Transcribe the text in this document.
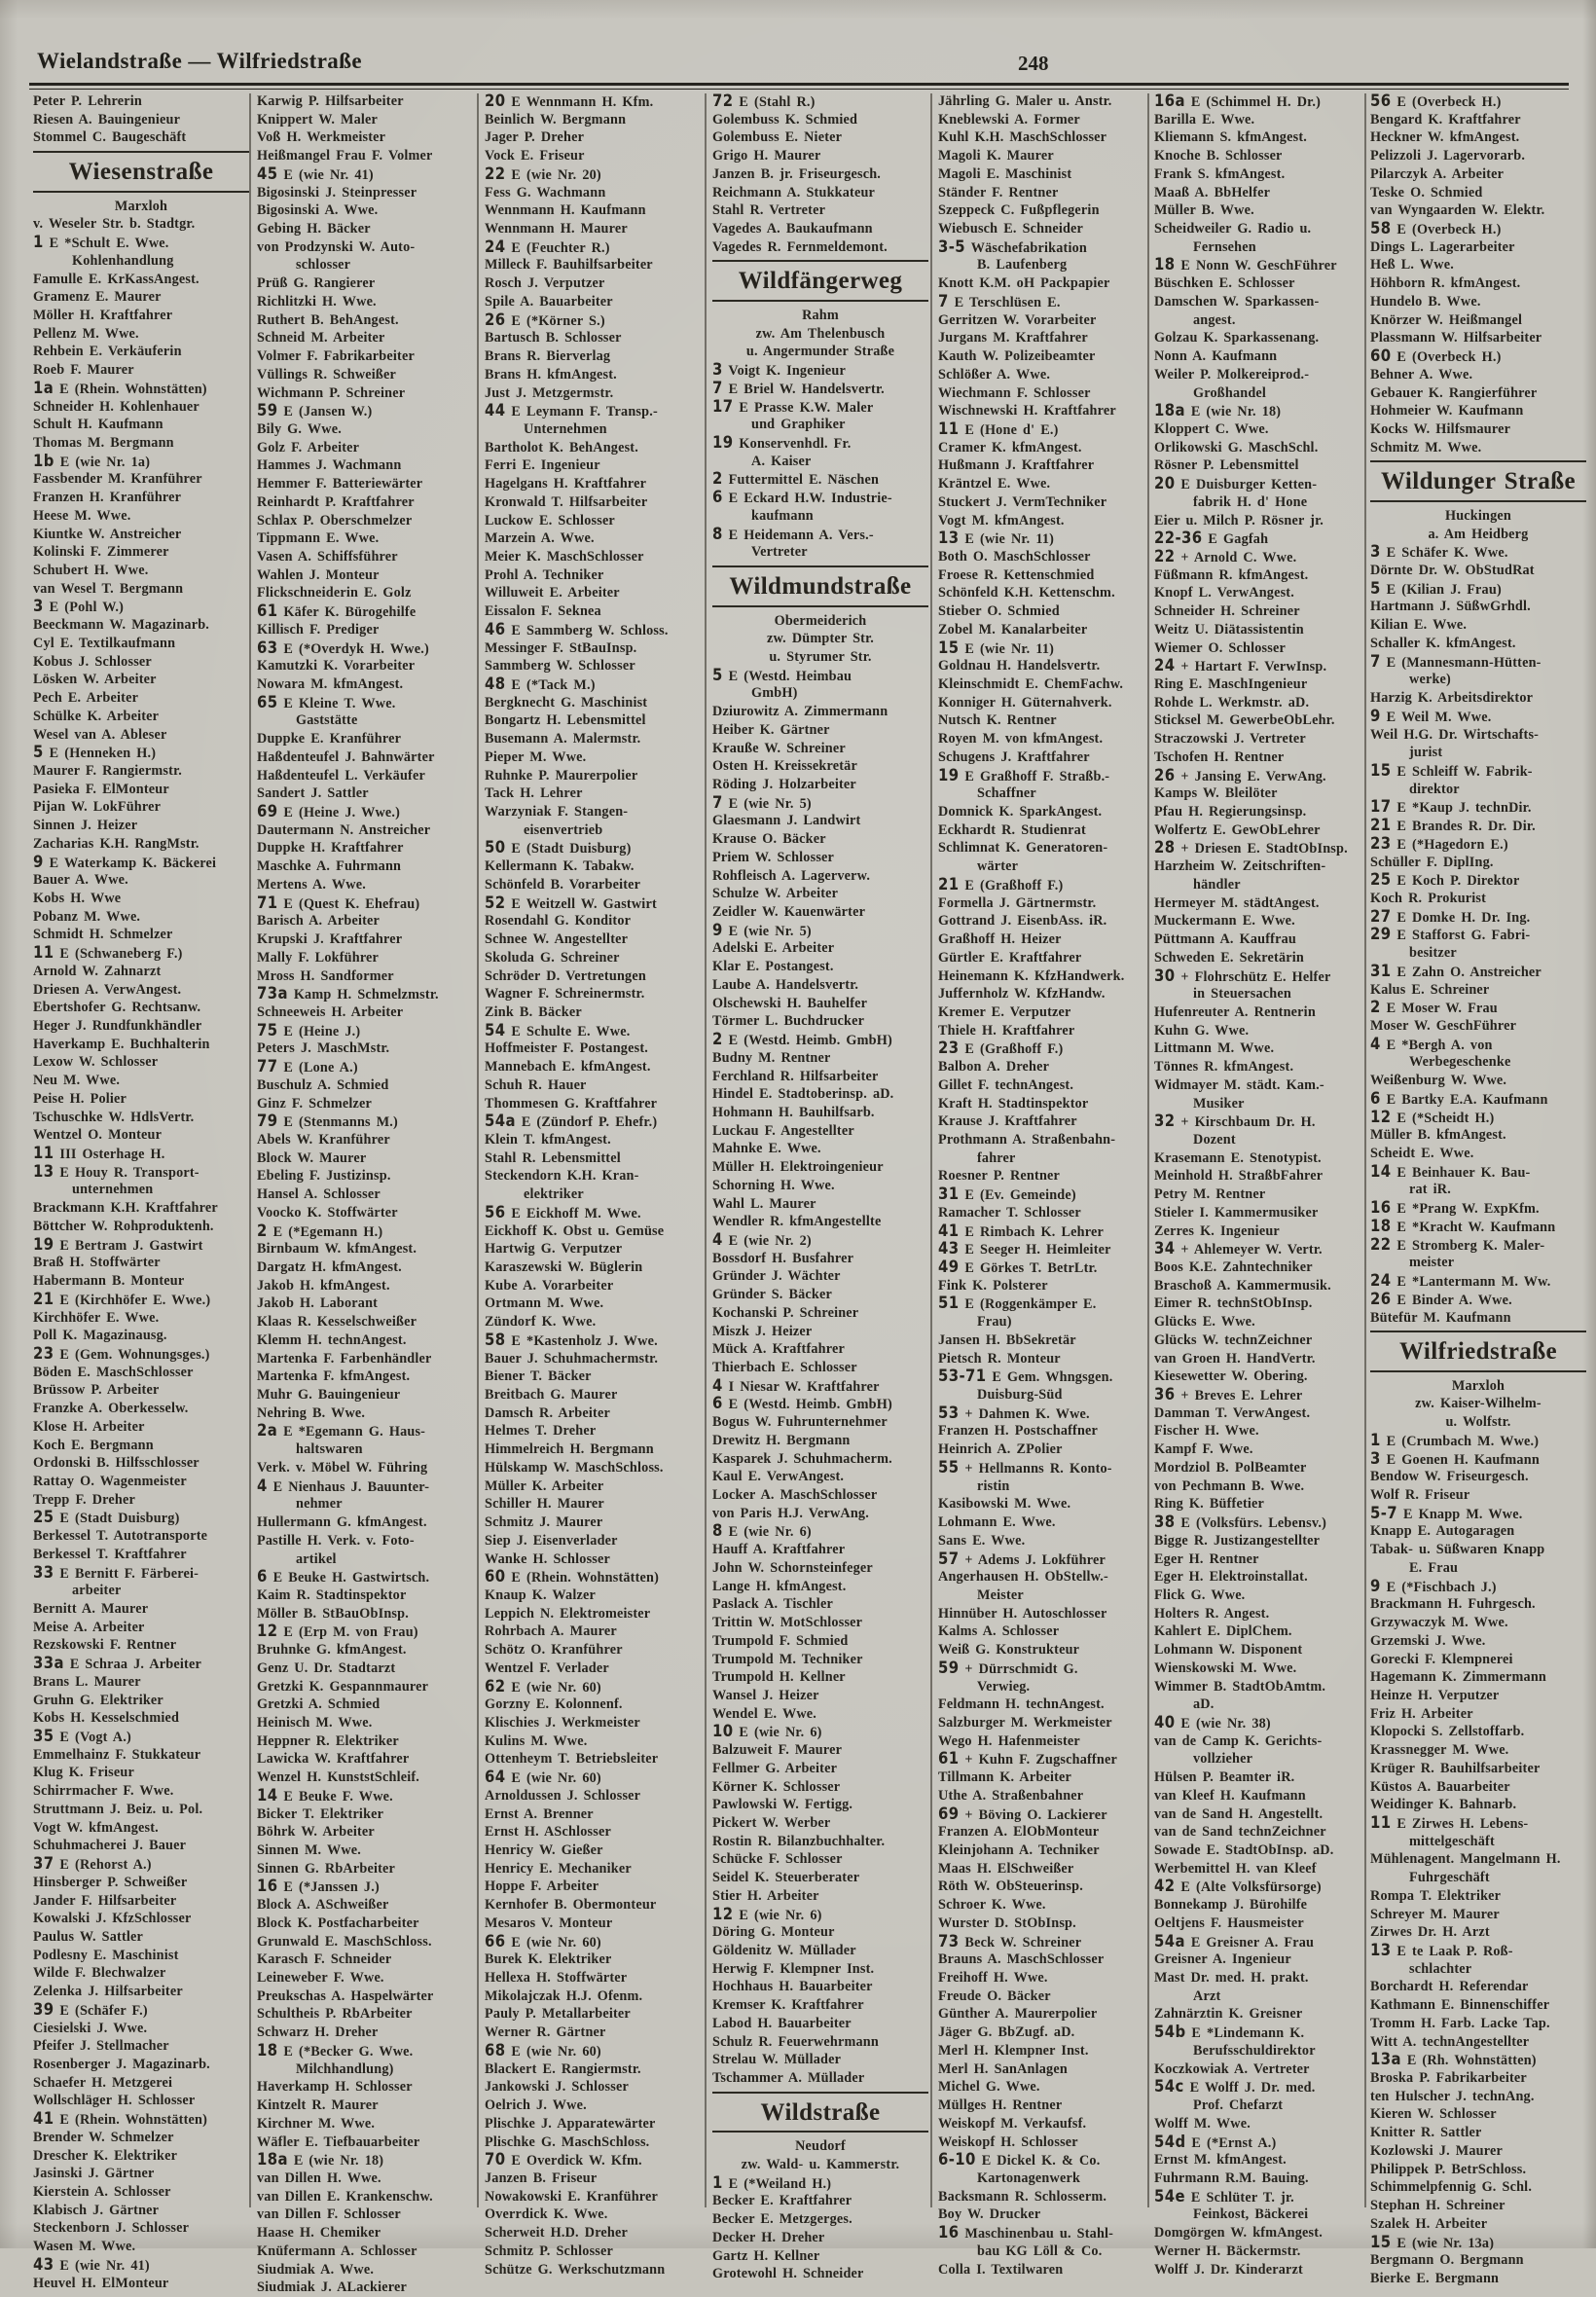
Wielandstraße — Wilfriedstraße	248
Peter P. Lehrerin
Riesen A. Bauingenieur
Stommel C. Baugeschäft
Wiesenstraße
Marxloh
v. Weseler Str. b. Stadtgr.
1 E *Schult E. Wwe.
Kohlenhandlung
Famulle E. KrKassAngest.
Gramenz E. Maurer
Möller H. Kraftfahrer
Pellenz M. Wwe.
Rehbein E. Verkäuferin
Roeb F. Maurer
1a E (Rhein. Wohnstätten)
Schneider H. Kohlenhauer
Schult H. Kaufmann
Thomas M. Bergmann
1b E (wie Nr. 1a)
Fassbender M. Kranführer
Franzen H. Kranführer
Heese M. Wwe.
Kiuntke W. Anstreicher
Kolinski F. Zimmerer
Schubert H. Wwe.
van Wesel T. Bergmann
3 E (Pohl W.)
Beeckmann W. Magazinarb.
Cyl E. Textilkaufmann
Kobus J. Schlosser
Lösken W. Arbeiter
Pech E. Arbeiter
Schülke K. Arbeiter
Wesel van A. Ableser
5 E (Henneken H.)
Maurer F. Rangiermstr.
Pasieka F. ElMonteur
Pijan W. LokFührer
Sinnen J. Heizer
Zacharias K.H. RangMstr.
9 E Waterkamp K. Bäckerei
Bauer A. Wwe.
Kobs H. Wwe
Pobanz M. Wwe.
Schmidt H. Schmelzer
11 E (Schwaneberg F.)
Arnold W. Zahnarzt
Driesen A. VerwAngest.
Ebertshofer G. Rechtsanw.
Heger J. Rundfunkhändler
Haverkamp E. Buchhalterin
Lexow W. Schlosser
Neu M. Wwe.
Peise H. Polier
Tschuschke W. HdlsVertr.
Wentzel O. Monteur
11 III Osterhage H.
13 E Houy R. Transport-
unternehmen
Brackmann K.H. Kraftfahrer
Böttcher W. Rohproduktenh.
19 E Bertram J. Gastwirt
Braß H. Stoffwärter
Habermann B. Monteur
21 E (Kirchhöfer E. Wwe.)
Kirchhöfer E. Wwe.
Poll K. Magazinausg.
23 E (Gem. Wohnungsges.)
Böden E. MaschSchlosser
Brüssow P. Arbeiter
Franzke A. Oberkesselw.
Klose H. Arbeiter
Koch E. Bergmann
Ordonski B. Hilfsschlosser
Rattay O. Wagenmeister
Trepp F. Dreher
25 E (Stadt Duisburg)
Berkessel T. Autotransporte
Berkessel T. Kraftfahrer
33 E Bernitt F. Färberei-
arbeiter
Bernitt A. Maurer
Meise A. Arbeiter
Rezskowski F. Rentner
33a E Schraa J. Arbeiter
Brans L. Maurer
Gruhn G. Elektriker
Kobs H. Kesselschmied
35 E (Vogt A.)
Emmelhainz F. Stukkateur
Klug K. Friseur
Schirrmacher F. Wwe.
Struttmann J. Beiz. u. Pol.
Vogt W. kfmAngest.
Schuhmacherei J. Bauer
37 E (Rehorst A.)
Hinsberger P. Schweißer
Jander F. Hilfsarbeiter
Kowalski J. KfzSchlosser
Paulus W. Sattler
Podlesny E. Maschinist
Wilde F. Blechwalzer
Zelenka J. Hilfsarbeiter
39 E (Schäfer F.)
Ciesielski J. Wwe.
Pfeifer J. Stellmacher
Rosenberger J. Magazinarb.
Schaefer H. Metzgerei
Wollschläger H. Schlosser
41 E (Rhein. Wohnstätten)
Brender W. Schmelzer
Drescher K. Elektriker
Jasinski J. Gärtner
Kierstein A. Schlosser
Klabisch J. Gärtner
Steckenborn J. Schlosser
Wasen M. Wwe.
43 E (wie Nr. 41)
Heuvel H. ElMonteur
Karwig P. Hilfsarbeiter
Knippert W. Maler
Voß H. Werkmeister
Heißmangel Frau F. Volmer
45 E (wie Nr. 41)
Bigosinski J. Steinpresser
Bigosinski A. Wwe.
Gebing H. Bäcker
von Prodzynski W. Auto-
schlosser
Prüß G. Rangierer
Richlitzki H. Wwe.
Ruthert B. BehAngest.
Schneid M. Arbeiter
Volmer F. Fabrikarbeiter
Vüllings R. Schweißer
Wichmann P. Schreiner
59 E (Jansen W.)
Bily G. Wwe.
Golz F. Arbeiter
Hammes J. Wachmann
Hemmer F. Batteriewärter
Reinhardt P. Kraftfahrer
Schlax P. Oberschmelzer
Tippmann E. Wwe.
Vasen A. Schiffsführer
Wahlen J. Monteur
Flickschneiderin E. Golz
61 Käfer K. Bürogehilfe
Killisch F. Prediger
63 E (*Overdyk H. Wwe.)
Kamutzki K. Vorarbeiter
Nowara M. kfmAngest.
65 E Kleine T. Wwe.
Gaststätte
Duppke E. Kranführer
Haßdenteufel J. Bahnwärter
Haßdenteufel L. Verkäufer
Sandert J. Sattler
69 E (Heine J. Wwe.)
Dautermann N. Anstreicher
Duppke H. Kraftfahrer
Maschke A. Fuhrmann
Mertens A. Wwe.
71 E (Quest K. Ehefrau)
Barisch A. Arbeiter
Krupski J. Kraftfahrer
Mally F. Lokführer
Mross H. Sandformer
73a Kamp H. Schmelzmstr.
Schneeweis H. Arbeiter
75 E (Heine J.)
Peters J. MaschMstr.
77 E (Lone A.)
Buschulz A. Schmied
Ginz F. Schmelzer
79 E (Stenmanns M.)
Abels W. Kranführer
Block W. Maurer
Ebeling F. Justizinsp.
Hansel A. Schlosser
Voocko K. Stoffwärter
2 E (*Egemann H.)
Birnbaum W. kfmAngest.
Dargatz H. kfmAngest.
Jakob H. kfmAngest.
Jakob H. Laborant
Klaas R. Kesselschweißer
Klemm H. technAngest.
Martenka F. Farbenhändler
Martenka F. kfmAngest.
Muhr G. Bauingenieur
Nehring B. Wwe.
2a E *Egemann G. Haus-
haltswaren
Verk. v. Möbel W. Führing
4 E Nienhaus J. Bauunter-
nehmer
Hullermann G. kfmAngest.
Pastille H. Verk. v. Foto-
artikel
6 E Beuke H. Gastwirtsch.
Kaim R. Stadtinspektor
Möller B. StBauObInsp.
12 E (Erp M. von Frau)
Bruhnke G. kfmAngest.
Genz U. Dr. Stadtarzt
Gretzki K. Gespannmaurer
Gretzki A. Schmied
Heinisch M. Wwe.
Heppner R. Elektriker
Lawicka W. Kraftfahrer
Wenzel H. KunststSchleif.
14 E Beuke F. Wwe.
Bicker T. Elektriker
Böhrk W. Arbeiter
Sinnen M. Wwe.
Sinnen G. RbArbeiter
16 E (*Janssen J.)
Block A. ASchweißer
Block K. Postfacharbeiter
Grunwald E. MaschSchloss.
Karasch F. Schneider
Leineweber F. Wwe.
Preukschas A. Haspelwärter
Schultheis P. RbArbeiter
Schwarz H. Dreher
18 E (*Becker G. Wwe.
Milchhandlung)
Haverkamp H. Schlosser
Kintzelt R. Maurer
Kirchner M. Wwe.
Wäfler E. Tiefbauarbeiter
18a E (wie Nr. 18)
van Dillen H. Wwe.
van Dillen E. Krankenschw.
van Dillen F. Schlosser
Haase H. Chemiker
Knüfermann A. Schlosser
Siudmiak A. Wwe.
Siudmiak J. ALackierer
20 E Wennmann H. Kfm.
Beinlich W. Bergmann
Jager P. Dreher
Vock E. Friseur
22 E (wie Nr. 20)
Fess G. Wachmann
Wennmann H. Kaufmann
Wennmann H. Maurer
24 E (Feuchter R.)
Milleck F. Bauhilfsarbeiter
Rosch J. Verputzer
Spile A. Bauarbeiter
26 E (*Körner S.)
Bartusch B. Schlosser
Brans R. Bierverlag
Brans H. kfmAngest.
Just J. Metzgermstr.
44 E Leymann F. Transp.-
Unternehmen
Bartholot K. BehAngest.
Ferri E. Ingenieur
Hagelgans H. Kraftfahrer
Kronwald T. Hilfsarbeiter
Luckow E. Schlosser
Marzein A. Wwe.
Meier K. MaschSchlosser
Prohl A. Techniker
Willuweit E. Arbeiter
Eissalon F. Seknea
46 E Sammberg W. Schloss.
Messinger F. StBauInsp.
Sammberg W. Schlosser
48 E (*Tack M.)
Bergknecht G. Maschinist
Bongartz H. Lebensmittel
Busemann A. Malermstr.
Pieper M. Wwe.
Ruhnke P. Maurerpolier
Tack H. Lehrer
Warzyniak F. Stangen-
eisenvertrieb
50 E (Stadt Duisburg)
Kellermann K. Tabakw.
Schönfeld B. Vorarbeiter
52 E Weitzell W. Gastwirt
Rosendahl G. Konditor
Schnee W. Angestellter
Skoluda G. Schreiner
Schröder D. Vertretungen
Wagner F. Schreinermstr.
Zink B. Bäcker
54 E Schulte E. Wwe.
Hoffmeister F. Postangest.
Mannebach E. kfmAngest.
Schuh R. Hauer
Thommesen G. Kraftfahrer
54a E (Zündorf P. Ehefr.)
Klein T. kfmAngest.
Stahl R. Lebensmittel
Steckendorn K.H. Kran-
elektriker
56 E Eickhoff M. Wwe.
Eickhoff K. Obst u. Gemüse
Hartwig G. Verputzer
Karaszewski W. Büglerin
Kube A. Vorarbeiter
Ortmann M. Wwe.
Zündorf K. Wwe.
58 E *Kastenholz J. Wwe.
Bauer J. Schuhmachermstr.
Biener T. Bäcker
Breitbach G. Maurer
Damsch R. Arbeiter
Helmes T. Dreher
Himmelreich H. Bergmann
Hülskamp W. MaschSchloss.
Müller K. Arbeiter
Schiller H. Maurer
Schmitz J. Maurer
Siep J. Eisenverlader
Wanke H. Schlosser
60 E (Rhein. Wohnstätten)
Knaup K. Walzer
Leppich N. Elektromeister
Rohrbach A. Maurer
Schötz O. Kranführer
Wentzel F. Verlader
62 E (wie Nr. 60)
Gorzny E. Kolonnenf.
Klischies J. Werkmeister
Kulins M. Wwe.
Ottenheym T. Betriebsleiter
64 E (wie Nr. 60)
Arnoldussen J. Schlosser
Ernst A. Brenner
Ernst H. ASchlosser
Henricy W. Gießer
Henricy E. Mechaniker
Hoppe F. Arbeiter
Kernhofer B. Obermonteur
Mesaros V. Monteur
66 E (wie Nr. 60)
Burek K. Elektriker
Hellexa H. Stoffwärter
Mikolajczak H.J. Ofenm.
Pauly P. Metallarbeiter
Werner R. Gärtner
68 E (wie Nr. 60)
Blackert E. Rangiermstr.
Jankowski J. Schlosser
Oelrich J. Wwe.
Plischke J. Apparatewärter
Plischke G. MaschSchloss.
70 E Overdick W. Kfm.
Janzen B. Friseur
Nowakowski E. Kranführer
Overrdick K. Wwe.
Scherweit H.D. Dreher
Schmitz P. Schlosser
Schütze G. Werkschutzmann
72 E (Stahl R.)
Golembuss K. Schmied
Golembuss E. Nieter
Grigo H. Maurer
Janzen B. jr. Friseurgesch.
Reichmann A. Stukkateur
Stahl R. Vertreter
Vagedes A. Baukaufmann
Vagedes R. Fernmeldemont.
Wildfängerweg
Rahm
zw. Am Thelenbusch
u. Angermunder Straße
3 Voigt K. Ingenieur
7 E Briel W. Handelsvertr.
17 E Prasse K.W. Maler
und Graphiker
19 Konservenhdl. Fr.
A. Kaiser
2 Futtermittel E. Näschen
6 E Eckard H.W. Industrie-
kaufmann
8 E Heidemann A. Vers.-
Vertreter
Wildmundstraße
Obermeiderich
zw. Dümpter Str.
u. Styrumer Str.
5 E (Westd. Heimbau
GmbH)
Dziurowitz A. Zimmermann
Heiber K. Gärtner
Krauße W. Schreiner
Osten H. Kreissekretär
Röding J. Holzarbeiter
7 E (wie Nr. 5)
Glaesmann J. Landwirt
Krause O. Bäcker
Priem W. Schlosser
Rohfleisch A. Lagerverw.
Schulze W. Arbeiter
Zeidler W. Kauenwärter
9 E (wie Nr. 5)
Adelski E. Arbeiter
Klar E. Postangest.
Laube A. Handelsvertr.
Olschewski H. Bauhelfer
Törmer L. Buchdrucker
2 E (Westd. Heimb. GmbH)
Budny M. Rentner
Ferchland R. Hilfsarbeiter
Hindel E. Stadtoberinsp. aD.
Hohmann H. Bauhilfsarb.
Luckau F. Angestellter
Mahnke E. Wwe.
Müller H. Elektroingenieur
Schorning H. Wwe.
Wahl L. Maurer
Wendler R. kfmAngestellte
4 E (wie Nr. 2)
Bossdorf H. Busfahrer
Gründer J. Wächter
Gründer S. Bäcker
Kochanski P. Schreiner
Miszk J. Heizer
Mück A. Kraftfahrer
Thierbach E. Schlosser
4 I Niesar W. Kraftfahrer
6 E (Westd. Heimb. GmbH)
Bogus W. Fuhrunternehmer
Drewitz H. Bergmann
Kasparek J. Schuhmacherm.
Kaul E. VerwAngest.
Locker A. MaschSchlosser
von Paris H.J. VerwAng.
8 E (wie Nr. 6)
Hauff A. Kraftfahrer
John W. Schornsteinfeger
Lange H. kfmAngest.
Paslack A. Tischler
Trittin W. MotSchlosser
Trumpold F. Schmied
Trumpold M. Techniker
Trumpold H. Kellner
Wansel J. Heizer
Wendel E. Wwe.
10 E (wie Nr. 6)
Balzuweit F. Maurer
Fellmer G. Arbeiter
Körner K. Schlosser
Pawlowski W. Fertigg.
Pickert W. Werber
Rostin R. Bilanzbuchhalter.
Schücke F. Schlosser
Seidel K. Steuerberater
Stier H. Arbeiter
12 E (wie Nr. 6)
Döring G. Monteur
Göldenitz W. Müllader
Herwig F. Klempner Inst.
Hochhaus H. Bauarbeiter
Kremser K. Kraftfahrer
Labod H. Bauarbeiter
Schulz R. Feuerwehrmann
Strelau W. Müllader
Tschammer A. Müllader
Wildstraße
Neudorf
zw. Wald- u. Kammerstr.
1 E (*Weiland H.)
Becker E. Kraftfahrer
Becker E. Metzgerges.
Decker H. Dreher
Gartz H. Kellner
Grotewohl H. Schneider
Jährling G. Maler u. Anstr.
Kneblewski A. Former
Kuhl K.H. MaschSchlosser
Magoli K. Maurer
Magoli E. Maschinist
Ständer F. Rentner
Szeppeck C. Fußpflegerin
Wiebusch E. Schneider
3-5 Wäschefabrikation
B. Laufenberg
Knott K.M. oH Packpapier
7 E Terschlüsen E.
Gerritzen W. Vorarbeiter
Jurgans M. Kraftfahrer
Kauth W. Polizeibeamter
Schlößer A. Wwe.
Wiechmann F. Schlosser
Wischnewski H. Kraftfahrer
11 E (Hone d' E.)
Cramer K. kfmAngest.
Hußmann J. Kraftfahrer
Kräntzel E. Wwe.
Stuckert J. VermTechniker
Vogt M. kfmAngest.
13 E (wie Nr. 11)
Both O. MaschSchlosser
Froese R. Kettenschmied
Schönfeld K.H. Kettenschm.
Stieber O. Schmied
Zobel M. Kanalarbeiter
15 E (wie Nr. 11)
Goldnau H. Handelsvertr.
Kleinschmidt E. ChemFachw.
Konniger H. Güternahverk.
Nutsch K. Rentner
Royen M. von kfmAngest.
Schugens J. Kraftfahrer
19 E Graßhoff F. Straßb.-
Schaffner
Domnick K. SparkAngest.
Eckhardt R. Studienrat
Schlimnat K. Generatoren-
wärter
21 E (Graßhoff F.)
Formella J. Gärtnermstr.
Gottrand J. EisenbAss. iR.
Graßhoff H. Heizer
Gürtler E. Kraftfahrer
Heinemann K. KfzHandwerk.
Juffernholz W. KfzHandw.
Kremer E. Verputzer
Thiele H. Kraftfahrer
23 E (Graßhoff F.)
Balbon A. Dreher
Gillet F. technAngest.
Kraft H. Stadtinspektor
Krause J. Kraftfahrer
Prothmann A. Straßenbahn-
fahrer
Roesner P. Rentner
31 E (Ev. Gemeinde)
Ramacher T. Schlosser
41 E Rimbach K. Lehrer
43 E Seeger H. Heimleiter
49 E Görkes T. BetrLtr.
Fink K. Polsterer
51 E (Roggenkämper E.
Frau)
Jansen H. BbSekretär
Pietsch R. Monteur
53-71 E Gem. Whngsgen.
Duisburg-Süd
53 + Dahmen K. Wwe.
Franzen H. Postschaffner
Heinrich A. ZPolier
55 + Hellmanns R. Konto-
ristin
Kasibowski M. Wwe.
Lohmann E. Wwe.
Sans E. Wwe.
57 + Adems J. Lokführer
Angerhausen H. ObStellw.-
Meister
Hinnüber H. Autoschlosser
Kalms A. Schlosser
Weiß G. Konstrukteur
59 + Dürrschmidt G.
Verwieg.
Feldmann H. technAngest.
Salzburger M. Werkmeister
Wego H. Hafenmeister
61 + Kuhn F. Zugschaffner
Tillmann K. Arbeiter
Uthe A. Straßenbahner
69 + Böving O. Lackierer
Franzen A. ElObMonteur
Kleinjohann A. Techniker
Maas H. ElSchweißer
Röth W. ObSteuerinsp.
Schroer K. Wwe.
Wurster D. StObInsp.
73 Beck W. Schreiner
Brauns A. MaschSchlosser
Freihoff H. Wwe.
Freude O. Bäcker
Günther A. Maurerpolier
Jäger G. BbZugf. aD.
Merl H. Klempner Inst.
Merl H. SanAnlagen
Michel G. Wwe.
Müllges H. Rentner
Weiskopf M. Verkaufsf.
Weiskopf H. Schlosser
6-10 E Dickel K. & Co.
Kartonagenwerk
Backsmann R. Schlosserm.
Boy W. Drucker
16 Maschinenbau u. Stahl-
bau KG Löll & Co.
Colla I. Textilwaren
16a E (Schimmel H. Dr.)
Barilla E. Wwe.
Kliemann S. kfmAngest.
Knoche B. Schlosser
Frank S. kfmAngest.
Maaß A. BbHelfer
Müller B. Wwe.
Scheidweiler G. Radio u.
Fernsehen
18 E Nonn W. GeschFührer
Büschken E. Schlosser
Damschen W. Sparkassen-
angest.
Golzau K. Sparkassenang.
Nonn A. Kaufmann
Weiler P. Molkereiprod.-
Großhandel
18a E (wie Nr. 18)
Kloppert C. Wwe.
Orlikowski G. MaschSchl.
Rösner P. Lebensmittel
20 E Duisburger Ketten-
fabrik H. d' Hone
Eier u. Milch P. Rösner jr.
22-36 E Gagfah
22 + Arnold C. Wwe.
Füßmann R. kfmAngest.
Knopf L. VerwAngest.
Schneider H. Schreiner
Weitz U. Diätassistentin
Wiemer O. Schlosser
24 + Hartart F. VerwInsp.
Ring E. MaschIngenieur
Rohde L. Werkmstr. aD.
Sticksel M. GewerbeObLehr.
Straczowski J. Vertreter
Tschofen H. Rentner
26 + Jansing E. VerwAng.
Kamps W. Bleilöter
Pfau H. Regierungsinsp.
Wolfertz E. GewObLehrer
28 + Driesen E. StadtObInsp.
Harzheim W. Zeitschriften-
händler
Hermeyer M. städtAngest.
Muckermann E. Wwe.
Püttmann A. Kauffrau
Schweden E. Sekretärin
30 + Flohrschütz E. Helfer
in Steuersachen
Hufenreuter A. Rentnerin
Kuhn G. Wwe.
Littmann M. Wwe.
Tönnes R. kfmAngest.
Widmayer M. städt. Kam.-
Musiker
32 + Kirschbaum Dr. H.
Dozent
Krasemann E. Stenotypist.
Meinhold H. StraßbFahrer
Petry M. Rentner
Stieler I. Kammermusiker
Zerres K. Ingenieur
34 + Ahlemeyer W. Vertr.
Boos K.E. Zahntechniker
Braschoß A. Kammermusik.
Eimer R. technStObInsp.
Glücks E. Wwe.
Glücks W. technZeichner
van Groen H. HandVertr.
Kiesewetter W. Obering.
36 + Breves E. Lehrer
Damman T. VerwAngest.
Fischer H. Wwe.
Kampf F. Wwe.
Mordziol B. PolBeamter
von Pechmann B. Wwe.
Ring K. Büffetier
38 E (Volksfürs. Lebensv.)
Bigge R. Justizangestellter
Eger H. Rentner
Eger H. Elektroinstallat.
Flick G. Wwe.
Holters R. Angest.
Kahlert E. DiplChem.
Lohmann W. Disponent
Wienskowski M. Wwe.
Wimmer B. StadtObAmtm.
aD.
40 E (wie Nr. 38)
van de Camp K. Gerichts-
vollzieher
Hülsen P. Beamter iR.
van Kleef H. Kaufmann
van de Sand H. Angestellt.
van de Sand technZeichner
Sowade E. StadtObInsp. aD.
Werbemittel H. van Kleef
42 E (Alte Volksfürsorge)
Bonnekamp J. Bürohilfe
Oeltjens F. Hausmeister
54a E Greisner A. Frau
Greisner A. Ingenieur
Mast Dr. med. H. prakt.
Arzt
Zahnärztin K. Greisner
54b E *Lindemann K.
Berufsschuldirektor
Koczkowiak A. Vertreter
54c E Wolff J. Dr. med.
Prof. Chefarzt
Wolff M. Wwe.
54d E (*Ernst A.)
Ernst M. kfmAngest.
Fuhrmann R.M. Bauing.
54e E Schlüter T. jr.
Feinkost, Bäckerei
Domgörgen W. kfmAngest.
Werner H. Bäckermstr.
Wolff J. Dr. Kinderarzt
56 E (Overbeck H.)
Bengard K. Kraftfahrer
Heckner W. kfmAngest.
Pelizzoli J. Lagervorarb.
Pilarczyk A. Arbeiter
Teske O. Schmied
van Wyngaarden W. Elektr.
58 E (Overbeck H.)
Dings L. Lagerarbeiter
Heß L. Wwe.
Höhborn R. kfmAngest.
Hundelo B. Wwe.
Knörzer W. Heißmangel
Plassmann W. Hilfsarbeiter
60 E (Overbeck H.)
Behner A. Wwe.
Gebauer K. Rangierführer
Hohmeier W. Kaufmann
Kocks W. Hilfsmaurer
Schmitz M. Wwe.
Wildunger Straße
Huckingen
a. Am Heidberg
3 E Schäfer K. Wwe.
Dörnte Dr. W. ObStudRat
5 E (Kilian J. Frau)
Hartmann J. SüßwGrhdl.
Kilian E. Wwe.
Schaller K. kfmAngest.
7 E (Mannesmann-Hütten-
werke)
Harzig K. Arbeitsdirektor
9 E Weil M. Wwe.
Weil H.G. Dr. Wirtschafts-
jurist
15 E Schleiff W. Fabrik-
direktor
17 E *Kaup J. technDir.
21 E Brandes R. Dr. Dir.
23 E (*Hagedorn E.)
Schüller F. DiplIng.
25 E Koch P. Direktor
Koch R. Prokurist
27 E Domke H. Dr. Ing.
29 E Stafforst G. Fabri-
besitzer
31 E Zahn O. Anstreicher
Kalus E. Schreiner
2 E Moser W. Frau
Moser W. GeschFührer
4 E *Bergh A. von
Werbegeschenke
Weißenburg W. Wwe.
6 E Bartky E.A. Kaufmann
12 E (*Scheidt H.)
Müller B. kfmAngest.
Scheidt E. Wwe.
14 E Beinhauer K. Bau-
rat iR.
16 E *Prang W. ExpKfm.
18 E *Kracht W. Kaufmann
22 E Stromberg K. Maler-
meister
24 E *Lantermann M. Ww.
26 E Binder A. Wwe.
Bütefür M. Kaufmann
Wilfriedstraße
Marxloh
zw. Kaiser-Wilhelm-
u. Wolfstr.
1 E (Crumbach M. Wwe.)
3 E Goenen H. Kaufmann
Bendow W. Friseurgesch.
Wolf R. Friseur
5-7 E Knapp M. Wwe.
Knapp E. Autogaragen
Tabak- u. Süßwaren Knapp
E. Frau
9 E (*Fischbach J.)
Brackmann H. Fuhrgesch.
Grzywaczyk M. Wwe.
Grzemski J. Wwe.
Gorecki F. Klempnerei
Hagemann K. Zimmermann
Heinze H. Verputzer
Friz H. Arbeiter
Klopocki S. Zellstoffarb.
Krassnegger M. Wwe.
Krüger R. Bauhilfsarbeiter
Küstos A. Bauarbeiter
Weidinger K. Bahnarb.
11 E Zirwes H. Lebens-
mittelgeschäft
Mühlenagent. Mangelmann H.
Fuhrgeschäft
Rompa T. Elektriker
Schreyer M. Maurer
Zirwes Dr. H. Arzt
13 E te Laak P. Roß-
schlachter
Borchardt H. Referendar
Kathmann E. Binnenschiffer
Tromm H. Farb. Lacke Tap.
Witt A. technAngestellter
13a E (Rh. Wohnstätten)
Broska P. Fabrikarbeiter
ten Hulscher J. technAng.
Kieren W. Schlosser
Knitter R. Sattler
Kozlowski J. Maurer
Philippek P. BetrSchloss.
Schimmelpfennig G. Schl.
Stephan H. Schreiner
Szalek H. Arbeiter
15 E (wie Nr. 13a)
Bergmann O. Bergmann
Bierke E. Bergmann
